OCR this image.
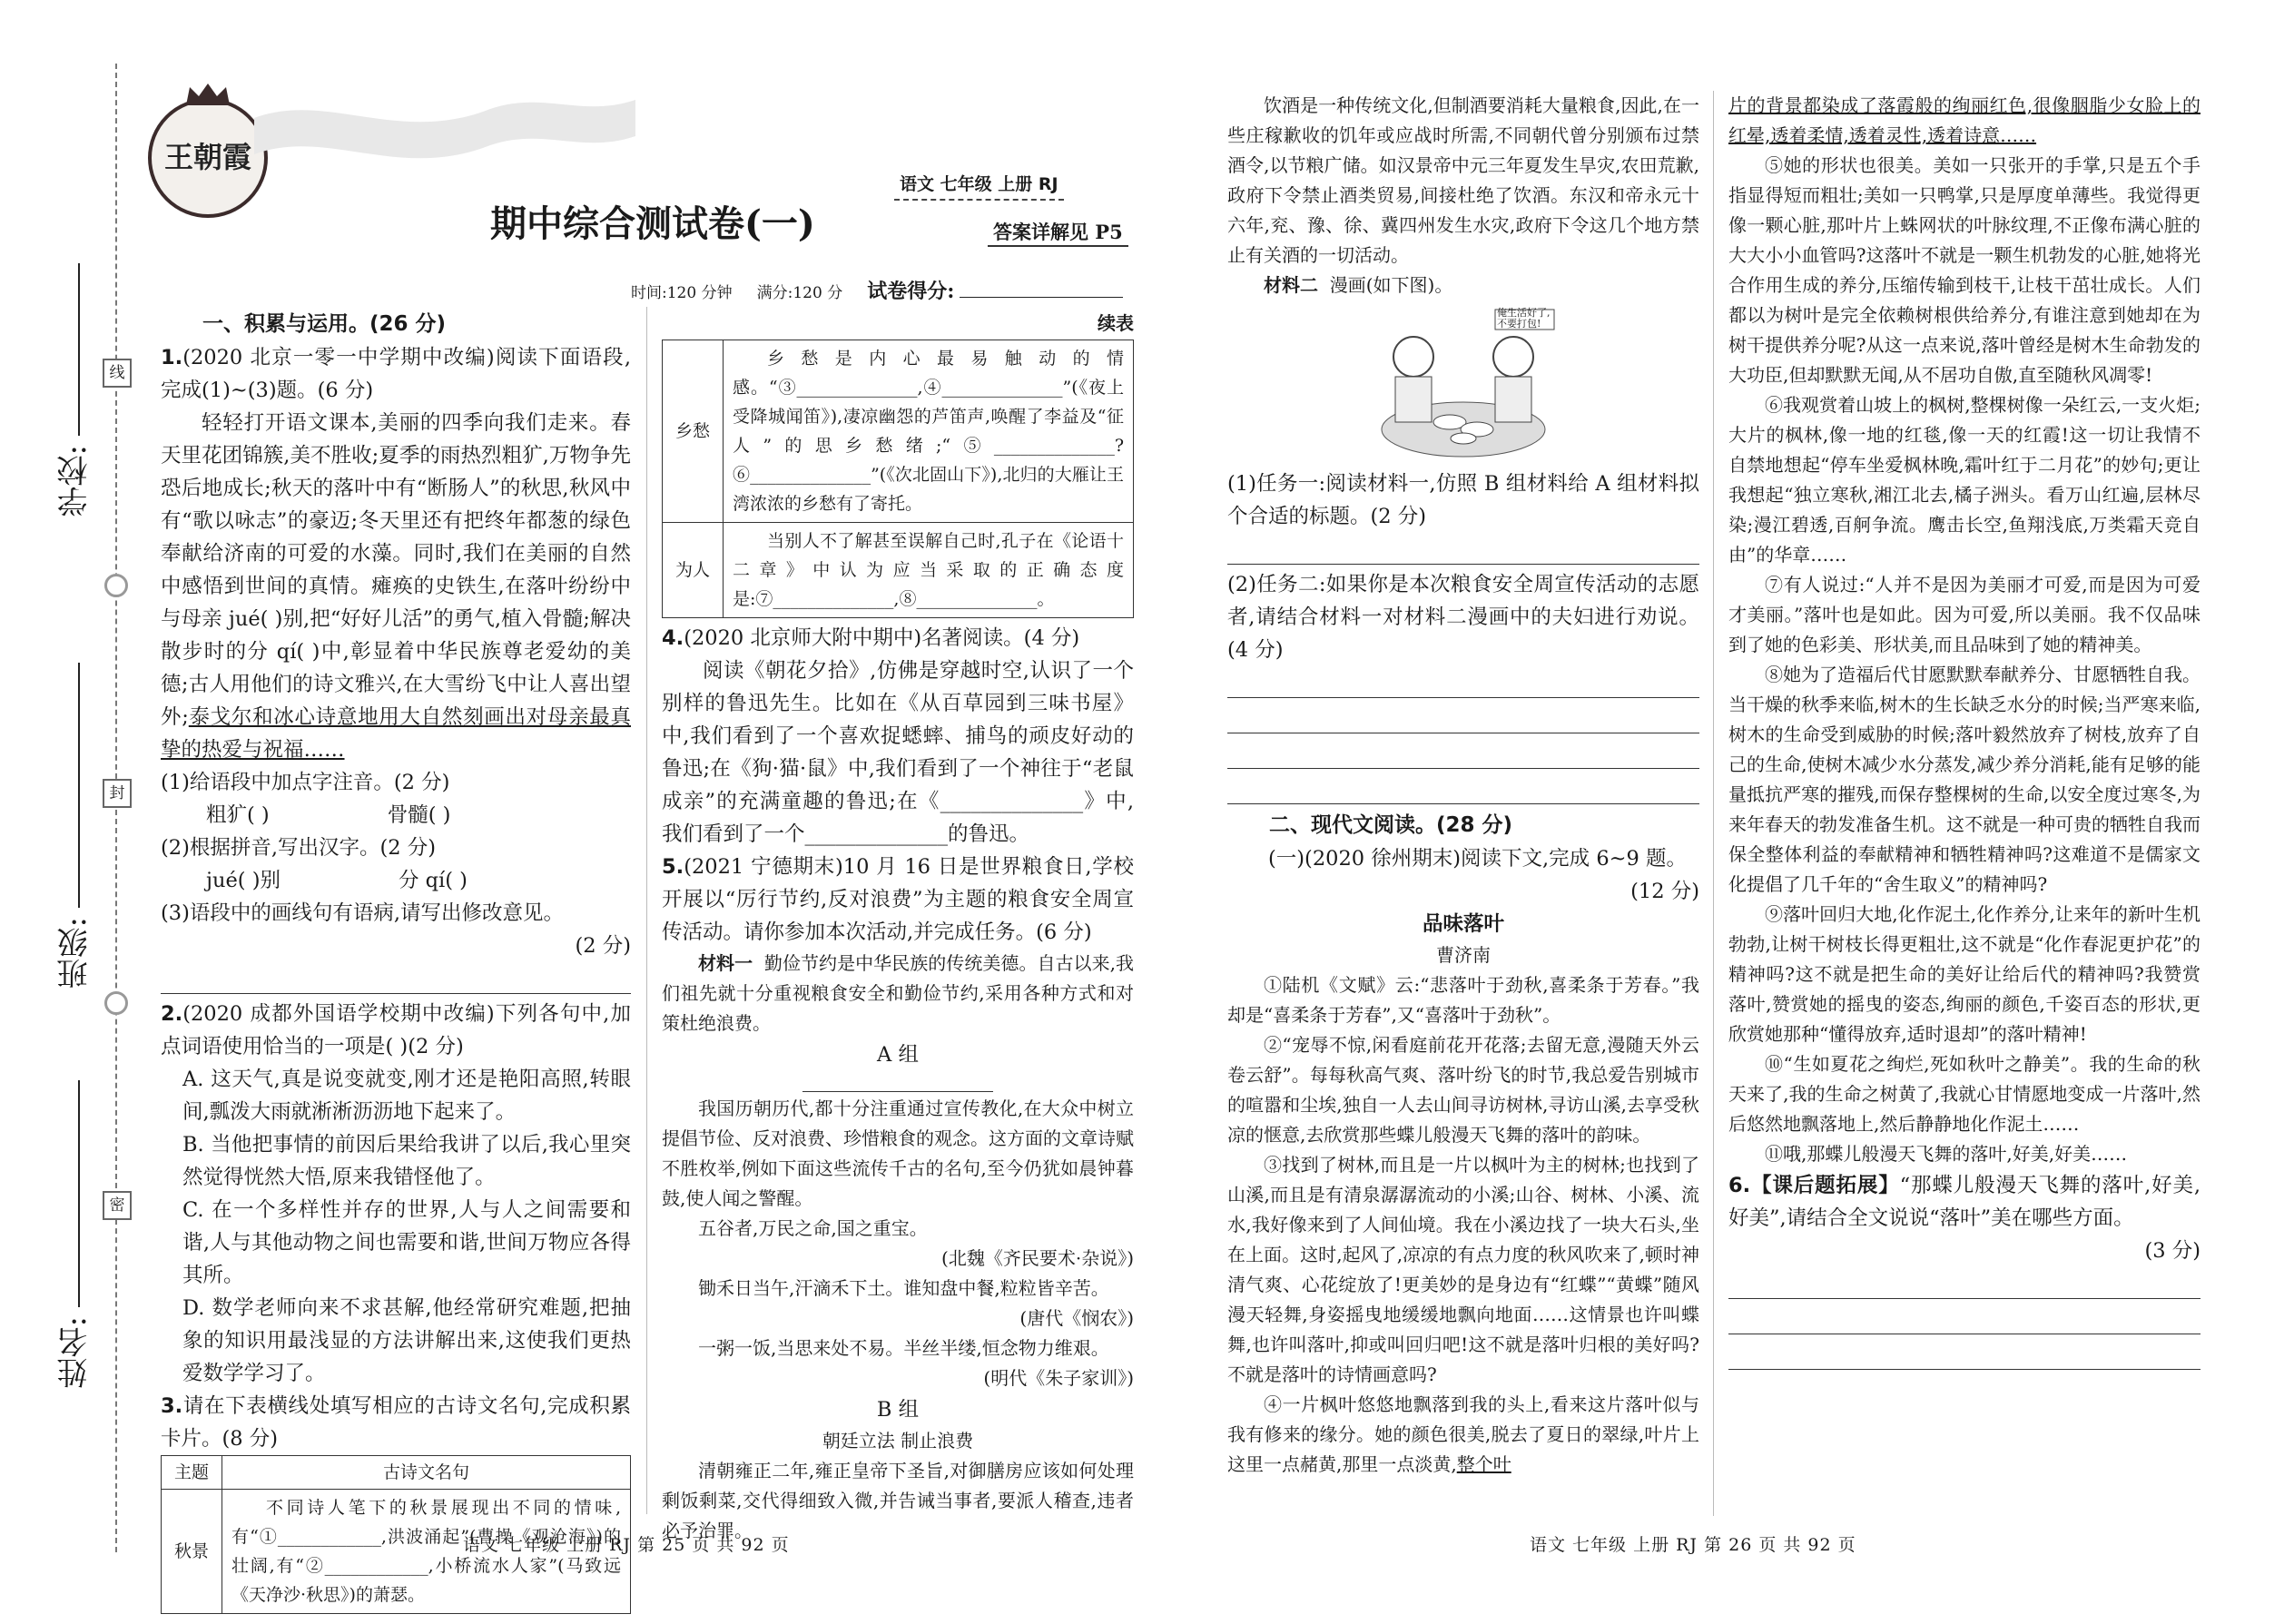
线
封
密
学校:
班级:
姓名:
王朝霞
语文 七年级 上册 RJ
期中综合测试卷(一)	答案详解见 P5
时间:120 分钟 满分:120 分 试卷得分:

一、积累与运用。(26 分)

1.(2020 北京一零一中学期中改编)阅读下面语段,完成(1)~(3)题。(6 分)

轻轻打开语文课本,美丽的四季向我们走来。春天里花团锦簇,美不胜收;夏季的雨热烈粗犷,万物争先恐后地成长;秋天的落叶中有“断肠人”的秋思,秋风中有“歌以咏志”的豪迈;冬天里还有把终年都葱的绿色奉献给济南的可爱的水藻。同时,我们在美丽的自然中感悟到世间的真情。瘫痪的史铁生,在落叶纷纷中与母亲 jué( )别,把“好好儿活”的勇气,植入骨髓;解决散步时的分 qí( )中,彰显着中华民族尊老爱幼的美德;古人用他们的诗文雅兴,在大雪纷飞中让人喜出望外;泰戈尔和冰心诗意地用大自然刻画出对母亲最真挚的热爱与祝福……

(1)给语段中加点字注音。(2 分)

粗犷( )	骨髓( )

(2)根据拼音,写出汉字。(2 分)

jué( )别	分 qí( )

(3)语段中的画线句有语病,请写出修改意见。

(2 分)

2.(2020 成都外国语学校期中改编)下列各句中,加点词语使用恰当的一项是( )(2 分)

A. 这天气,真是说变就变,刚才还是艳阳高照,转眼间,瓢泼大雨就淅淅沥沥地下起来了。

B. 当他把事情的前因后果给我讲了以后,我心里突然觉得恍然大悟,原来我错怪他了。

C. 在一个多样性并存的世界,人与人之间需要和谐,人与其他动物之间也需要和谐,世间万物应各得其所。

D. 数学老师向来不求甚解,他经常研究难题,把抽象的知识用最浅显的方法讲解出来,这使我们更热爱数学学习了。

3.请在下表横线处填写相应的古诗文名句,完成积累卡片。(8 分)

主题	古诗文名句
秋景	不同诗人笔下的秋景展现出不同的情味,有“①____________,洪波涌起”(曹操《观沧海》)的壮阔,有“②____________,小桥流水人家”(马致远《天净沙·秋思》)的萧瑟。

续表

乡愁	乡愁是内心最易触动的情感。“③______________,④______________”(《夜上受降城闻笛》),凄凉幽怨的芦笛声,唤醒了李益及“征人”的思乡愁绪;“⑤______________?⑥______________”(《次北固山下》),北归的大雁让王湾浓浓的乡愁有了寄托。
为人	当别人不了解甚至误解自己时,孔子在《论语十二章》中认为应当采取的正确态度是:⑦______________,⑧______________。

4.(2020 北京师大附中期中)名著阅读。(4 分)

阅读《朝花夕拾》,仿佛是穿越时空,认识了一个别样的鲁迅先生。比如在《从百草园到三味书屋》中,我们看到了一个喜欢捉蟋蟀、捕鸟的顽皮好动的鲁迅;在《狗·猫·鼠》中,我们看到了一个神往于“老鼠成亲”的充满童趣的鲁迅;在《______________》中,我们看到了一个______________的鲁迅。

5.(2021 宁德期末)10 月 16 日是世界粮食日,学校开展以“厉行节约,反对浪费”为主题的粮食安全周宣传活动。请你参加本次活动,并完成任务。(6 分)

材料一 勤俭节约是中华民族的传统美德。自古以来,我们祖先就十分重视粮食安全和勤俭节约,采用各种方式和对策杜绝浪费。

A 组

我国历朝历代,都十分注重通过宣传教化,在大众中树立提倡节俭、反对浪费、珍惜粮食的观念。这方面的文章诗赋不胜枚举,例如下面这些流传千古的名句,至今仍犹如晨钟暮鼓,使人闻之警醒。

五谷者,万民之命,国之重宝。

(北魏《齐民要术·杂说》)

锄禾日当午,汗滴禾下土。谁知盘中餐,粒粒皆辛苦。

(唐代《悯农》)

一粥一饭,当思来处不易。半丝半缕,恒念物力维艰。

(明代《朱子家训》)

B 组

朝廷立法 制止浪费

清朝雍正二年,雍正皇帝下圣旨,对御膳房应该如何处理剩饭剩菜,交代得细致入微,并告诫当事者,要派人稽查,违者必予治罪。

饮酒是一种传统文化,但制酒要消耗大量粮食,因此,在一些庄稼歉收的饥年或应战时所需,不同朝代曾分别颁布过禁酒令,以节粮广储。如汉景帝中元三年夏发生旱灾,农田荒歉,政府下令禁止酒类贸易,间接杜绝了饮酒。东汉和帝永元十六年,兖、豫、徐、冀四州发生水灾,政府下令这几个地方禁止有关酒的一切活动。

材料二 漫画(如下图)。

俺生活好了,不要打包!

(1)任务一:阅读材料一,仿照 B 组材料给 A 组材料拟个合适的标题。(2 分)

(2)任务二:如果你是本次粮食安全周宣传活动的志愿者,请结合材料一对材料二漫画中的夫妇进行劝说。(4 分)

二、现代文阅读。(28 分)

(一)(2020 徐州期末)阅读下文,完成 6~9 题。

(12 分)

品味落叶

曹济南

①陆机《文赋》云:“悲落叶于劲秋,喜柔条于芳春。”我却是“喜柔条于芳春”,又“喜落叶于劲秋”。

②“宠辱不惊,闲看庭前花开花落;去留无意,漫随天外云卷云舒”。每每秋高气爽、落叶纷飞的时节,我总爱告别城市的喧嚣和尘埃,独自一人去山间寻访树林,寻访山溪,去享受秋凉的惬意,去欣赏那些蝶儿般漫天飞舞的落叶的韵味。

③找到了树林,而且是一片以枫叶为主的树林;也找到了山溪,而且是有清泉潺潺流动的小溪;山谷、树林、小溪、流水,我好像来到了人间仙境。我在小溪边找了一块大石头,坐在上面。这时,起风了,凉凉的有点力度的秋风吹来了,顿时神清气爽、心花绽放了!更美妙的是身边有“红蝶”“黄蝶”随风漫天轻舞,身姿摇曳地缓缓地飘向地面……这情景也许叫蝶舞,也许叫落叶,抑或叫回归吧!这不就是落叶归根的美好吗?不就是落叶的诗情画意吗?

④一片枫叶悠悠地飘落到我的头上,看来这片落叶似与我有修来的缘分。她的颜色很美,脱去了夏日的翠绿,叶片上这里一点赭黄,那里一点淡黄,整个叶

片的背景都染成了落霞般的绚丽红色,很像胭脂少女脸上的红晕,透着柔情,透着灵性,透着诗意……

⑤她的形状也很美。美如一只张开的手掌,只是五个手指显得短而粗壮;美如一只鸭掌,只是厚度单薄些。我觉得更像一颗心脏,那叶片上蛛网状的叶脉纹理,不正像布满心脏的大大小小血管吗?这落叶不就是一颗生机勃发的心脏,她将光合作用生成的养分,压缩传输到枝干,让枝干茁壮成长。人们都以为树叶是完全依赖树根供给养分,有谁注意到她却在为树干提供养分呢?从这一点来说,落叶曾经是树木生命勃发的大功臣,但却默默无闻,从不居功自傲,直至随秋风凋零!

⑥我观赏着山坡上的枫树,整棵树像一朵红云,一支火炬;大片的枫林,像一地的红毯,像一天的红霞!这一切让我情不自禁地想起“停车坐爱枫林晚,霜叶红于二月花”的妙句;更让我想起“独立寒秋,湘江北去,橘子洲头。看万山红遍,层林尽染;漫江碧透,百舸争流。鹰击长空,鱼翔浅底,万类霜天竞自由”的华章……

⑦有人说过:“人并不是因为美丽才可爱,而是因为可爱才美丽。”落叶也是如此。因为可爱,所以美丽。我不仅品味到了她的色彩美、形状美,而且品味到了她的精神美。

⑧她为了造福后代甘愿默默奉献养分、甘愿牺牲自我。当干燥的秋季来临,树木的生长缺乏水分的时候;当严寒来临,树木的生命受到威胁的时候;落叶毅然放弃了树枝,放弃了自己的生命,使树木减少水分蒸发,减少养分消耗,能有足够的能量抵抗严寒的摧残,而保存整棵树的生命,以安全度过寒冬,为来年春天的勃发准备生机。这不就是一种可贵的牺牲自我而保全整体利益的奉献精神和牺牲精神吗?这难道不是儒家文化提倡了几千年的“舍生取义”的精神吗?

⑨落叶回归大地,化作泥土,化作养分,让来年的新叶生机勃勃,让树干树枝长得更粗壮,这不就是“化作春泥更护花”的精神吗?这不就是把生命的美好让给后代的精神吗?我赞赏落叶,赞赏她的摇曳的姿态,绚丽的颜色,千姿百态的形状,更欣赏她那种“懂得放弃,适时退却”的落叶精神!

⑩“生如夏花之绚烂,死如秋叶之静美”。我的生命的秋天来了,我的生命之树黄了,我就心甘情愿地变成一片落叶,然后悠然地飘落地上,然后静静地化作泥土……

⑪哦,那蝶儿般漫天飞舞的落叶,好美,好美……

6.【课后题拓展】“那蝶儿般漫天飞舞的落叶,好美,好美”,请结合全文说说“落叶”美在哪些方面。

(3 分)

语文 七年级 上册 RJ 第 25 页 共 92 页	语文 七年级 上册 RJ 第 26 页 共 92 页
